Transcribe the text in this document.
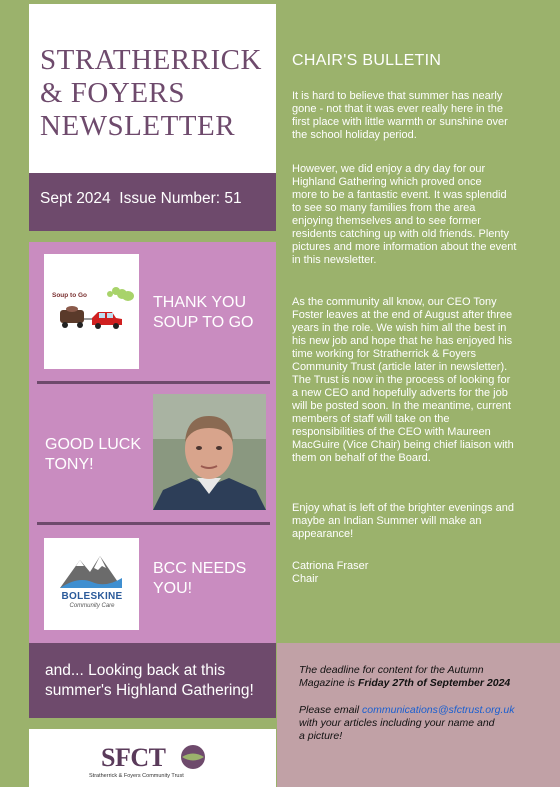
STRATHERRICK
& FOYERS
NEWSLETTER
Sept 2024  Issue Number: 51
Soup to Go	THANK YOU
SOUP TO GO
GOOD LUCK
TONY!
BOLESKINE
Community Care
BCC NEEDS
YOU!
and... Looking back at this summer's Highland Gathering!
SFCT
Stratherrick & Foyers Community Trust
CHAIR'S BULLETIN
It is hard to believe that summer has nearly
gone - not that it was ever really here in the
first place with little warmth or sunshine over
the school holiday period.
However, we did enjoy a dry day for our
Highland Gathering which proved once
more to be a fantastic event. It was splendid
to see so many families from the area
enjoying themselves and to see former
residents catching up with old friends. Plenty
pictures and more information about the event
in this newsletter.
As the community all know, our CEO Tony
Foster leaves at the end of August after three
years in the role. We wish him all the best in
his new job and hope that he has enjoyed his
time working for Stratherrick & Foyers
Community Trust (article later in newsletter).
The Trust is now in the process of looking for
a new CEO and hopefully adverts for the job
will be posted soon. In the meantime, current
members of staff will take on the
responsibilities of the CEO with Maureen
MacGuire (Vice Chair) being chief liaison with
them on behalf of the Board.
Enjoy what is left of the brighter evenings and
maybe an Indian Summer will make an
appearance!
Catriona Fraser
Chair
The deadline for content for the Autumn
Magazine is Friday 27th of September 2024
Please email communications@sfctrust.org.uk
with your articles including your name and
a picture!
